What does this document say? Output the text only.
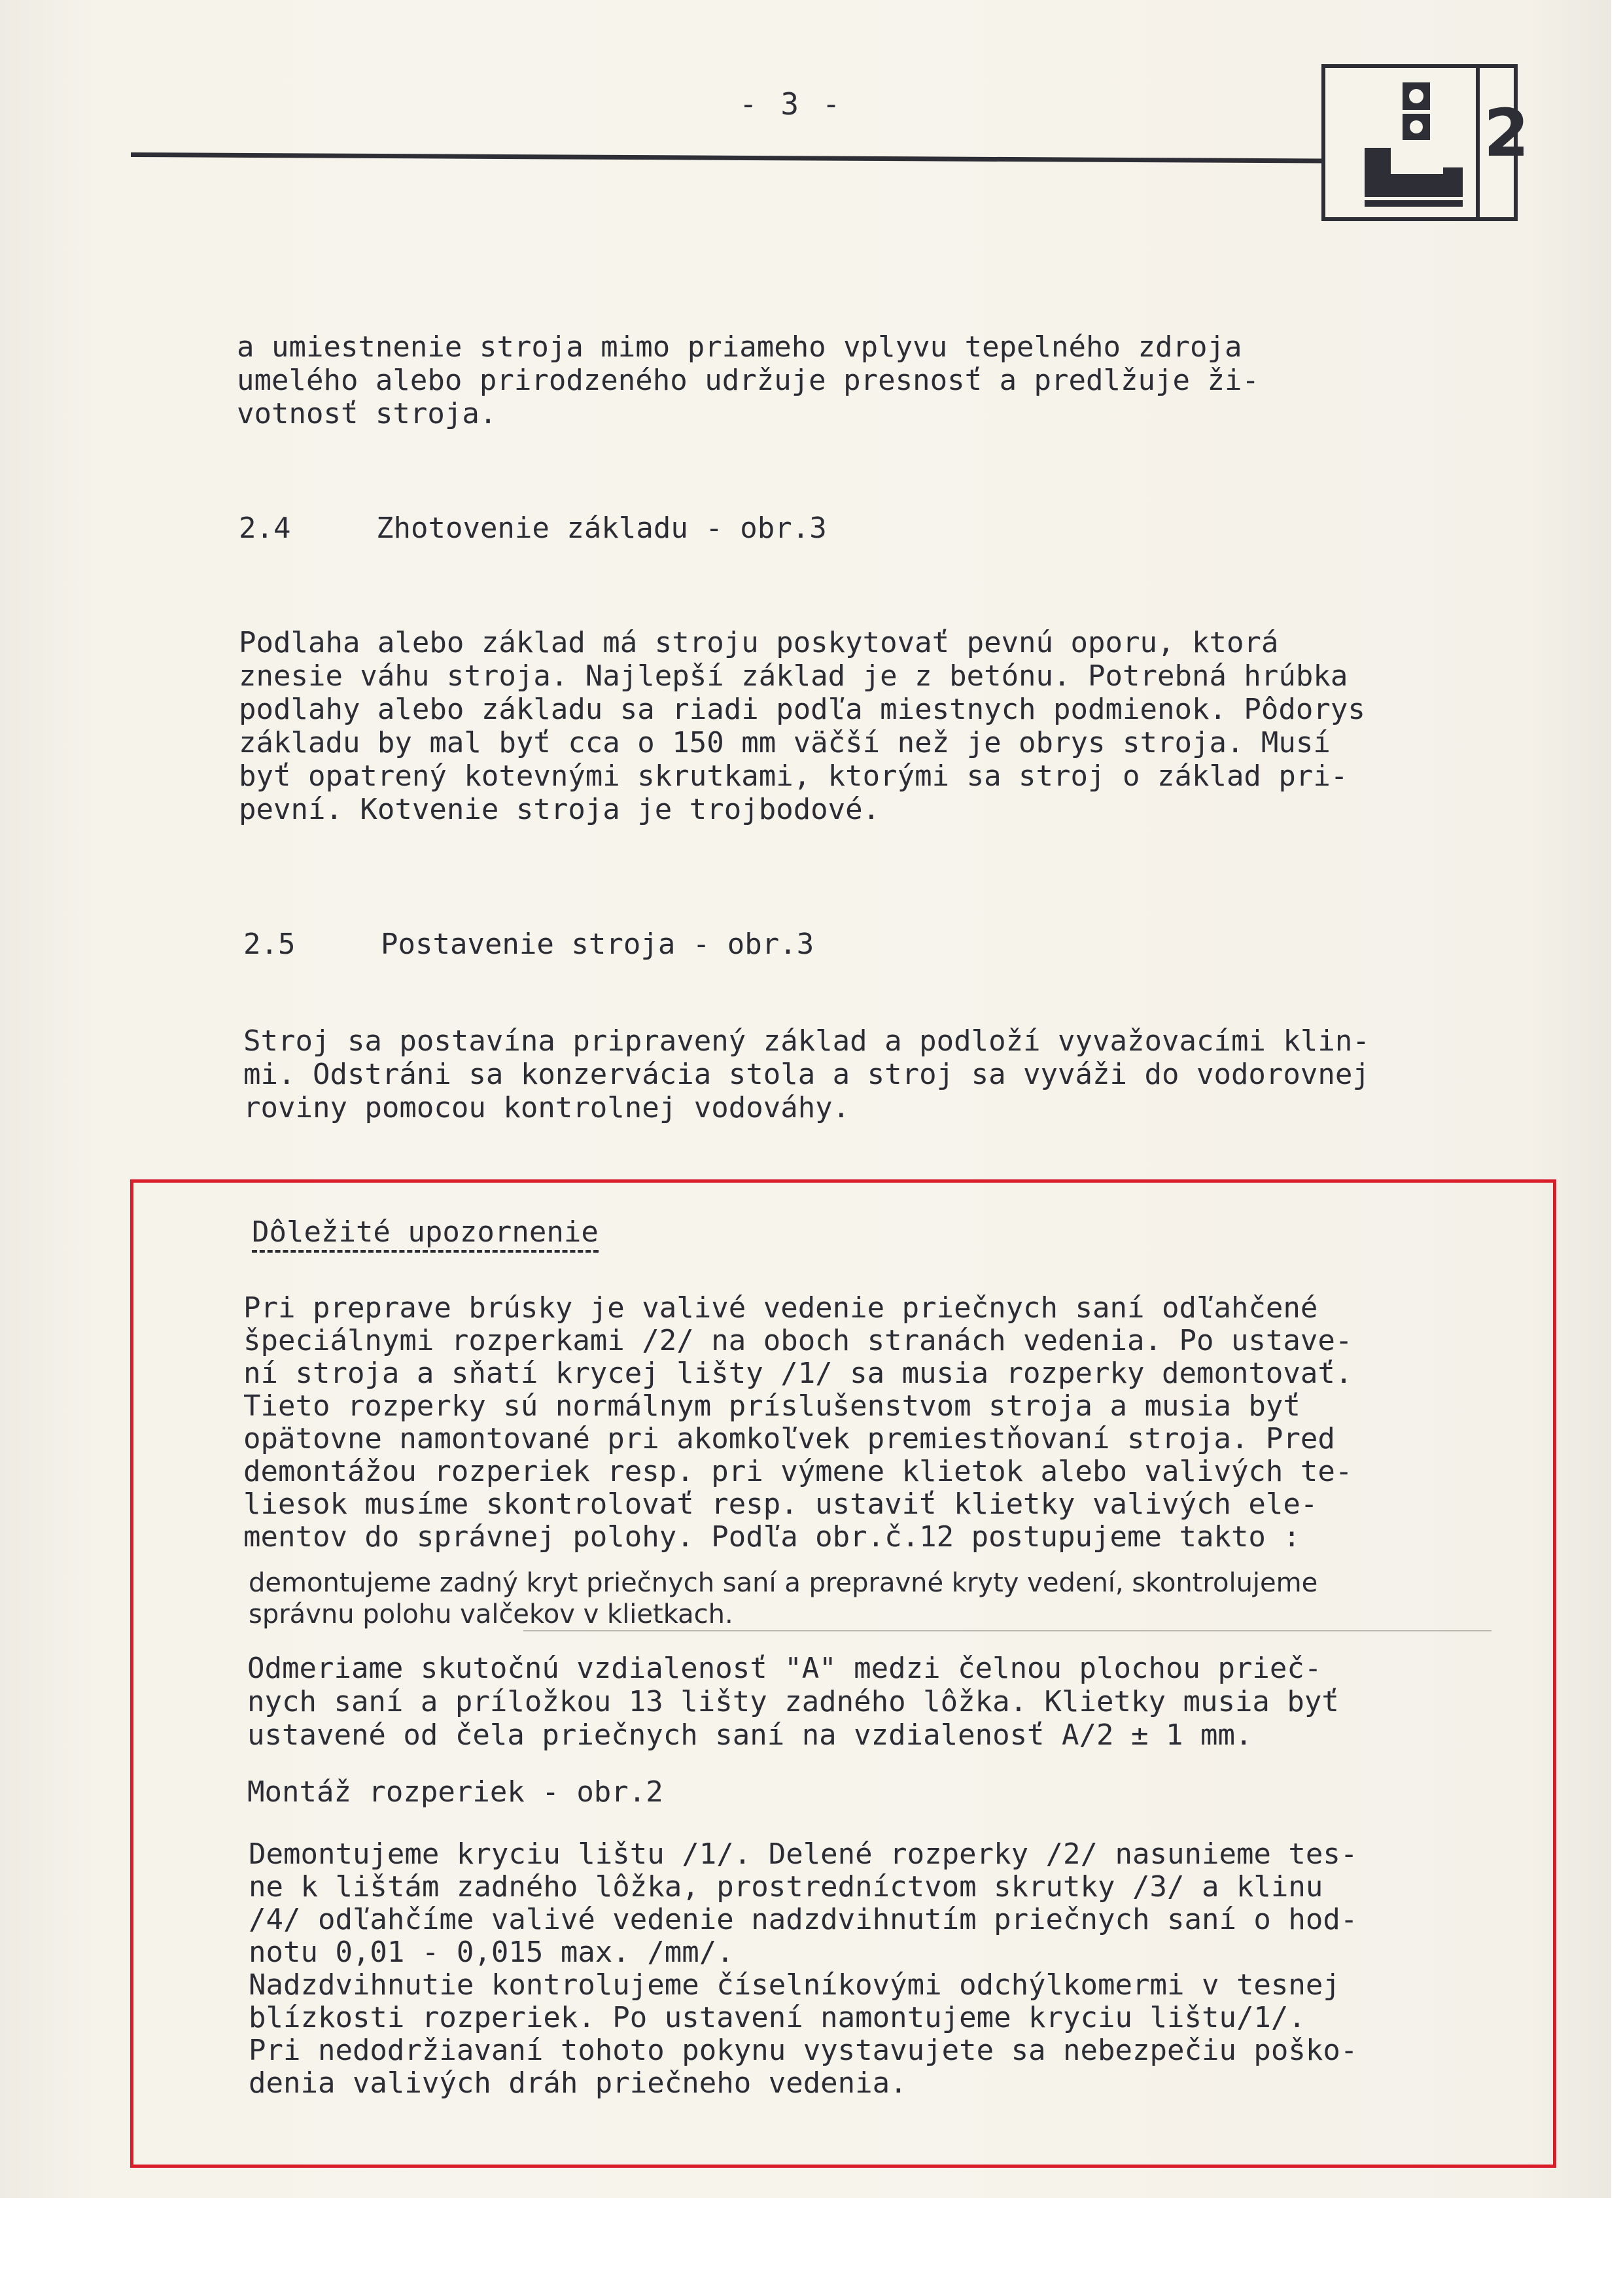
- 3 -	2
a umiestnenie stroja mimo priameho vplyvu tepelného zdroja
umelého alebo prirodzeného udržuje presnosť a predlžuje ži-
votnosť stroja.
2.4	Zhotovenie základu - obr.3
Podlaha alebo základ má stroju poskytovať pevnú oporu, ktorá
znesie váhu stroja. Najlepší základ je z betónu. Potrebná hrúbka
podlahy alebo základu sa riadi podľa miestnych podmienok. Pôdorys
základu by mal byť cca o 150 mm väčší než je obrys stroja. Musí
byť opatrený kotevnými skrutkami, ktorými sa stroj o základ pri-
pevní. Kotvenie stroja je trojbodové.
2.5	Postavenie stroja - obr.3
Stroj sa postavína pripravený základ a podloží vyvažovacími klin-
mi. Odstráni sa konzervácia stola a stroj sa vyváži do vodorovnej
roviny pomocou kontrolnej vodováhy.
Dôležité upozornenie
Pri preprave brúsky je valivé vedenie priečnych saní odľahčené
špeciálnymi rozperkami /2/ na oboch stranách vedenia. Po ustave-
ní stroja a sňatí krycej lišty /1/ sa musia rozperky demontovať.
Tieto rozperky sú normálnym príslušenstvom stroja a musia byť
opätovne namontované pri akomkoľvek premiestňovaní stroja. Pred
demontážou rozperiek resp. pri výmene klietok alebo valivých te-
liesok musíme skontrolovať resp. ustaviť klietky valivých ele-
mentov do správnej polohy. Podľa obr.č.12 postupujeme takto :
demontujeme zadný kryt priečnych saní a prepravné kryty vedení, skontrolujeme
správnu polohu valčekov v klietkach.
Odmeriame skutočnú vzdialenosť "A" medzi čelnou plochou prieč-
nych saní a príložkou 13 lišty zadného lôžka. Klietky musia byť
ustavené od čela priečnych saní na vzdialenosť A/2 ± 1 mm.
Montáž rozperiek - obr.2
Demontujeme kryciu lištu /1/. Delené rozperky /2/ nasunieme tes-
ne k lištám zadného lôžka, prostredníctvom skrutky /3/ a klinu
/4/ odľahčíme valivé vedenie nadzdvihnutím priečnych saní o hod-
notu 0,01 - 0,015 max. /mm/.
Nadzdvihnutie kontrolujeme číselníkovými odchýlkomermi v tesnej
blízkosti rozperiek. Po ustavení namontujeme kryciu lištu/1/.
Pri nedodržiavaní tohoto pokynu vystavujete sa nebezpečiu poško-
denia valivých dráh priečneho vedenia.
